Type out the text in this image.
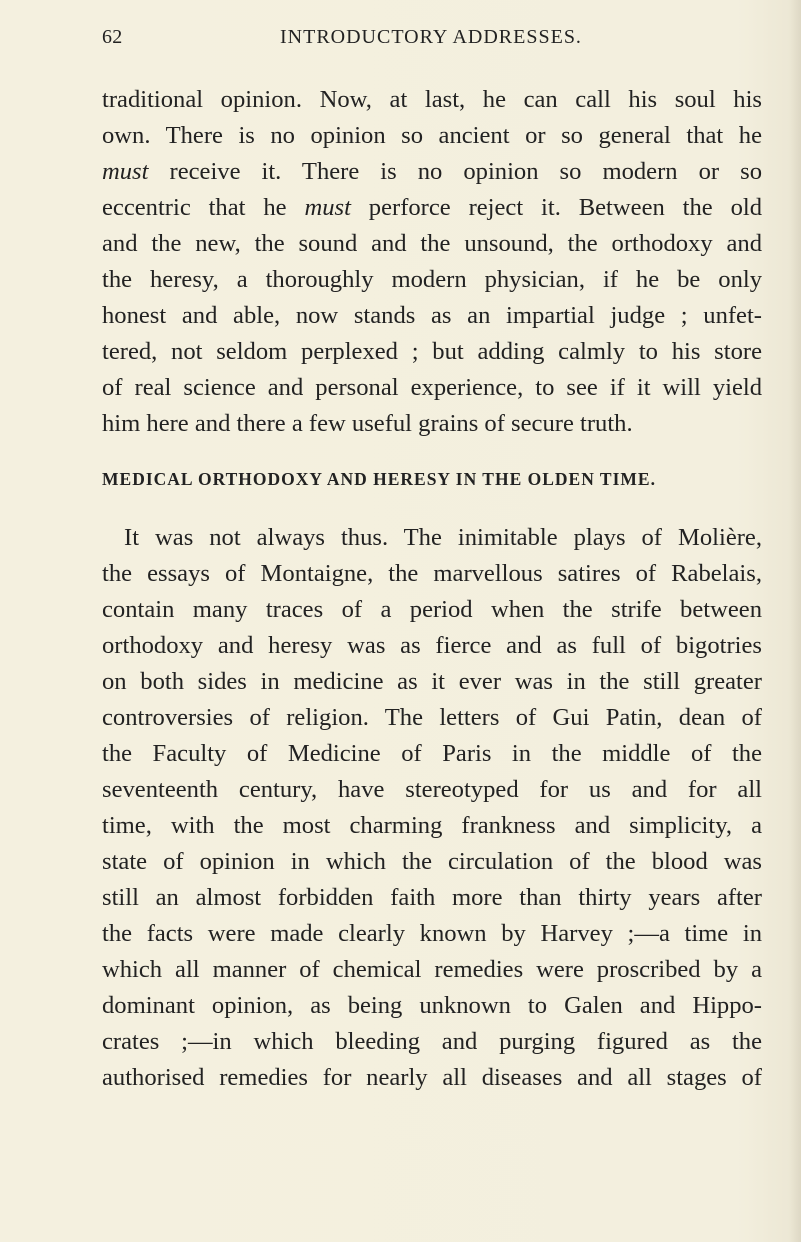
62	INTRODUCTORY ADDRESSES.
traditional opinion. Now, at last, he can call his soul his
own. There is no opinion so ancient or so general that he
must receive it. There is no opinion so modern or so
eccentric that he must perforce reject it. Between the old
and the new, the sound and the unsound, the orthodoxy and
the heresy, a thoroughly modern physician, if he be only
honest and able, now stands as an impartial judge ; unfet-
tered, not seldom perplexed ; but adding calmly to his store
of real science and personal experience, to see if it will yield
him here and there a few useful grains of secure truth.
MEDICAL ORTHODOXY AND HERESY IN THE OLDEN TIME.
It was not always thus. The inimitable plays of Molière,
the essays of Montaigne, the marvellous satires of Rabelais,
contain many traces of a period when the strife between
orthodoxy and heresy was as fierce and as full of bigotries
on both sides in medicine as it ever was in the still greater
controversies of religion. The letters of Gui Patin, dean of
the Faculty of Medicine of Paris in the middle of the
seventeenth century, have stereotyped for us and for all
time, with the most charming frankness and simplicity, a
state of opinion in which the circulation of the blood was
still an almost forbidden faith more than thirty years after
the facts were made clearly known by Harvey ;—a time in
which all manner of chemical remedies were proscribed by a
dominant opinion, as being unknown to Galen and Hippo-
crates ;—in which bleeding and purging figured as the
authorised remedies for nearly all diseases and all stages of
